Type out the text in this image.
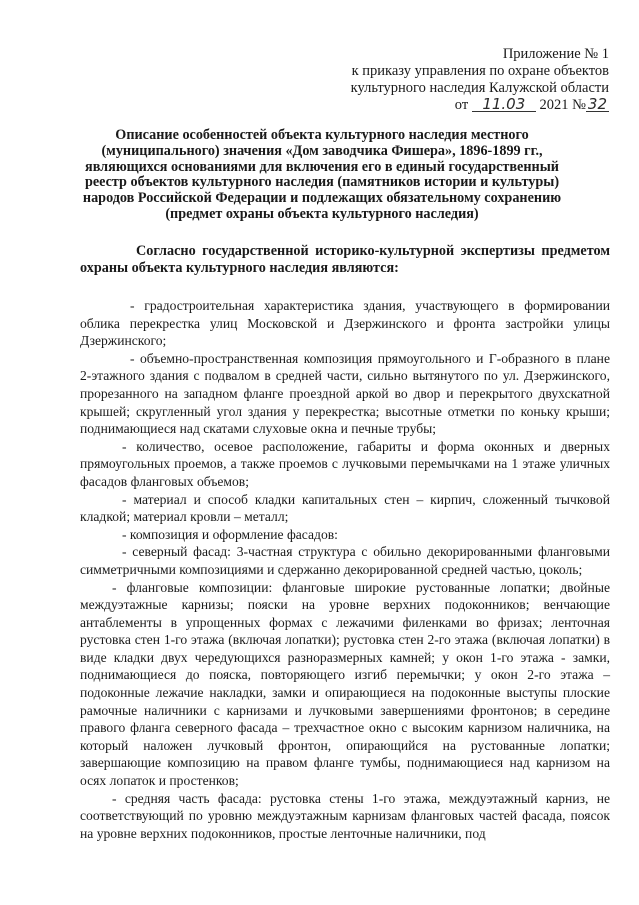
Приложение № 1
к приказу управления по охране объектов
культурного наследия Калужской области
от 11.03 2021 № 32
Описание особенностей объекта культурного наследия местного
(муниципального) значения «Дом заводчика Фишера», 1896-1899 гг.,
являющихся основаниями для включения его в единый государственный
реестр объектов культурного наследия (памятников истории и культуры)
народов Российской Федерации и подлежащих обязательному сохранению
(предмет охраны объекта культурного наследия)
Согласно государственной историко-культурной экспертизы предметом охраны объекта культурного наследия являются:

- градостроительная характеристика здания, участвующего в формировании облика перекрестка улиц Московской и Дзержинского и фронта застройки улицы Дзержинского;

- объемно-пространственная композиция прямоугольного и Г-образного в плане 2-этажного здания с подвалом в средней части, сильно вытянутого по ул. Дзержинского, прорезанного на западном фланге проездной аркой во двор и перекрытого двухскатной крышей; скругленный угол здания у перекрестка; высотные отметки по коньку крыши; поднимающиеся над скатами слуховые окна и печные трубы;

- количество, осевое расположение, габариты и форма оконных и дверных прямоугольных проемов, а также проемов с лучковыми перемычками на 1 этаже уличных фасадов фланговых объемов;

- материал и способ кладки капитальных стен – кирпич, сложенный тычковой кладкой; материал кровли – металл;

- композиция и оформление фасадов:

- северный фасад: 3-частная структура с обильно декорированными фланговыми симметричными композициями и сдержанно декорированной средней частью, цоколь;

- фланговые композиции: фланговые широкие рустованные лопатки; двойные междуэтажные карнизы; пояски на уровне верхних подоконников; венчающие антаблементы в упрощенных формах с лежачими филенками во фризах; ленточная рустовка стен 1-го этажа (включая лопатки); рустовка стен 2-го этажа (включая лопатки) в виде кладки двух чередующихся разноразмерных камней; у окон 1-го этажа - замки, поднимающиеся до пояска, повторяющего изгиб перемычки; у окон 2-го этажа – подоконные лежачие накладки, замки и опирающиеся на подоконные выступы плоские рамочные наличники с карнизами и лучковыми завершениями фронтонов; в середине правого фланга северного фасада – трехчастное окно с высоким карнизом наличника, на который наложен лучковый фронтон, опирающийся на рустованные лопатки; завершающие композицию на правом фланге тумбы, поднимающиеся над карнизом на осях лопаток и простенков;

- средняя часть фасада: рустовка стены 1-го этажа, междуэтажный карниз, не соответствующий по уровню междуэтажным карнизам фланговых частей фасада, поясок на уровне верхних подоконников, простые ленточные наличники, под
